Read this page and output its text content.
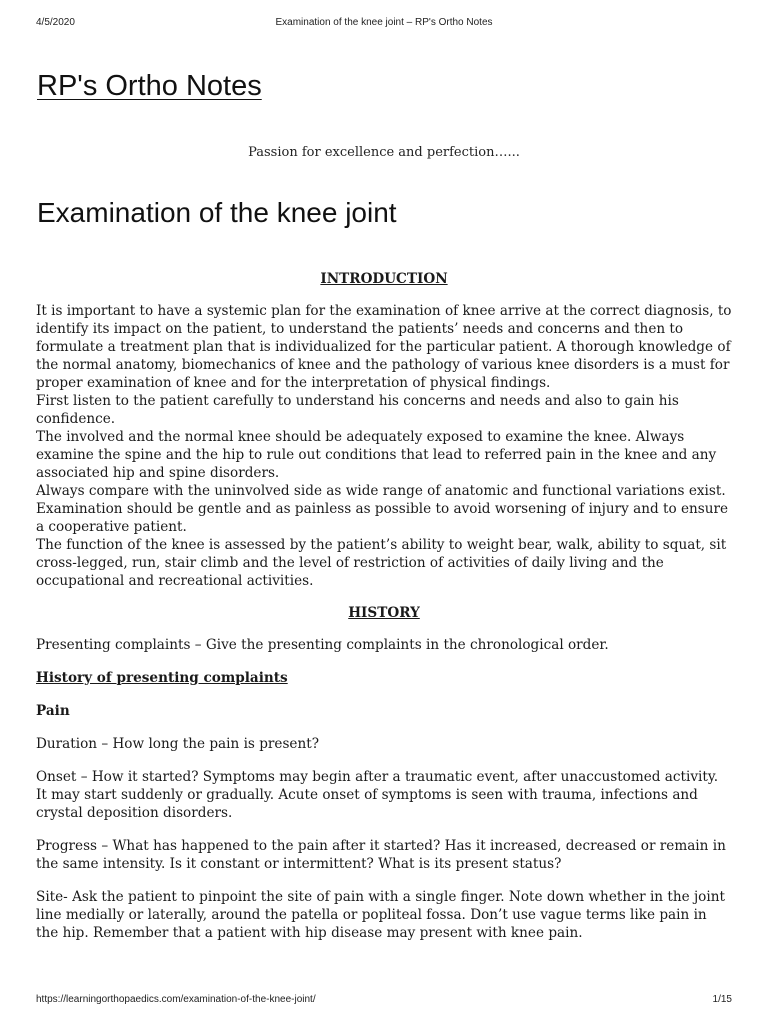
4/5/2020	Examination of the knee joint – RP's Ortho Notes
RP's Ortho Notes

Passion for excellence and perfection…...

Examination of the knee joint

INTRODUCTION

It is important to have a systemic plan for the examination of knee arrive at the correct diagnosis, to identify its impact on the patient, to understand the patients’ needs and concerns and then to formulate a treatment plan that is individualized for the particular patient. A thorough knowledge of the normal anatomy, biomechanics of knee and the pathology of various knee disorders is a must for proper examination of knee and for the interpretation of physical findings.

First listen to the patient carefully to understand his concerns and needs and also to gain his confidence.

The involved and the normal knee should be adequately exposed to examine the knee. Always examine the spine and the hip to rule out conditions that lead to referred pain in the knee and any associated hip and spine disorders.

Always compare with the uninvolved side as wide range of anatomic and functional variations exist.

Examination should be gentle and as painless as possible to avoid worsening of injury and to ensure a cooperative patient.

The function of the knee is assessed by the patient’s ability to weight bear, walk, ability to squat, sit cross-legged, run, stair climb and the level of restriction of activities of daily living and the occupational and recreational activities.

HISTORY

Presenting complaints – Give the presenting complaints in the chronological order.

History of presenting complaints

Pain

Duration – How long the pain is present?

Onset – How it started? Symptoms may begin after a traumatic event, after unaccustomed activity. It may start suddenly or gradually. Acute onset of symptoms is seen with trauma, infections and crystal deposition disorders.

Progress – What has happened to the pain after it started? Has it increased, decreased or remain in the same intensity. Is it constant or intermittent? What is its present status?

Site- Ask the patient to pinpoint the site of pain with a single finger. Note down whether in the joint line medially or laterally, around the patella or popliteal fossa. Don’t use vague terms like pain in the hip. Remember that a patient with hip disease may present with knee pain.

https://learningorthopaedics.com/examination-of-the-knee-joint/	1/15
